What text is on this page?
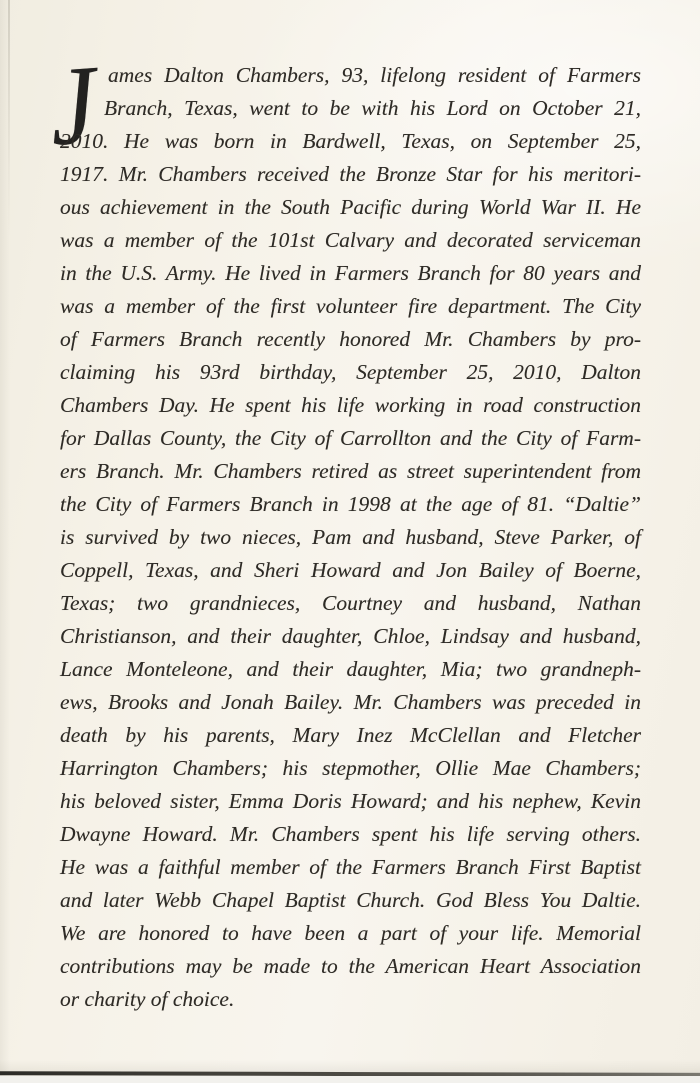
J ames Dalton Chambers, 93, lifelong resident of Farmers
Branch, Texas, went to be with his Lord on October 21,
2010. He was born in Bardwell, Texas, on September 25,
1917. Mr. Chambers received the Bronze Star for his meritori-
ous achievement in the South Pacific during World War II. He
was a member of the 101st Calvary and decorated serviceman
in the U.S. Army. He lived in Farmers Branch for 80 years and
was a member of the first volunteer fire department. The City
of Farmers Branch recently honored Mr. Chambers by pro-
claiming his 93rd birthday, September 25, 2010, Dalton
Chambers Day. He spent his life working in road construction
for Dallas County, the City of Carrollton and the City of Farm-
ers Branch. Mr. Chambers retired as street superintendent from
the City of Farmers Branch in 1998 at the age of 81. “Daltie”
is survived by two nieces, Pam and husband, Steve Parker, of
Coppell, Texas, and Sheri Howard and Jon Bailey of Boerne,
Texas; two grandnieces, Courtney and husband, Nathan
Christianson, and their daughter, Chloe, Lindsay and husband,
Lance Monteleone, and their daughter, Mia; two grandneph-
ews, Brooks and Jonah Bailey. Mr. Chambers was preceded in
death by his parents, Mary Inez McClellan and Fletcher
Harrington Chambers; his stepmother, Ollie Mae Chambers;
his beloved sister, Emma Doris Howard; and his nephew, Kevin
Dwayne Howard. Mr. Chambers spent his life serving others.
He was a faithful member of the Farmers Branch First Baptist
and later Webb Chapel Baptist Church. God Bless You Daltie.
We are honored to have been a part of your life. Memorial
contributions may be made to the American Heart Association
or charity of choice.
